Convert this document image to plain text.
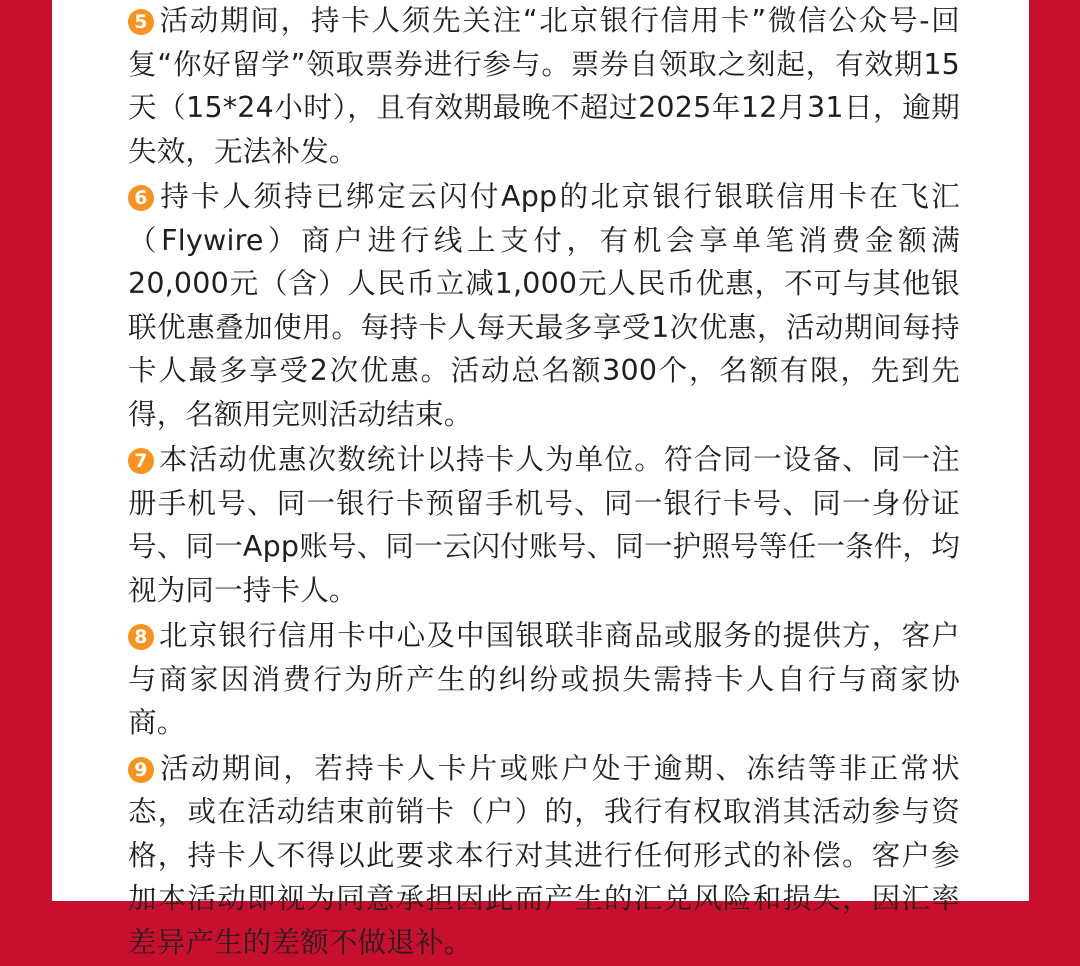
5 活动期间，持卡人须先关注“北京银行信用卡”微信公众号-回复“你好留学”领取票券进行参与。票券自领取之刻起，有效期15天（15*24小时），且有效期最晚不超过2025年12月31日，逾期失效，无法补发。

6 持卡人须持已绑定云闪付App的北京银行银联信用卡在飞汇（Flywire）商户进行线上支付，有机会享单笔消费金额满20,000元（含）人民币立减1,000元人民币优惠，不可与其他银联优惠叠加使用。每持卡人每天最多享受1次优惠，活动期间每持卡人最多享受2次优惠。活动总名额300个，名额有限，先到先得，名额用完则活动结束。

7 本活动优惠次数统计以持卡人为单位。符合同一设备、同一注册手机号、同一银行卡预留手机号、同一银行卡号、同一身份证号、同一App账号、同一云闪付账号、同一护照号等任一条件，均视为同一持卡人。

8 北京银行信用卡中心及中国银联非商品或服务的提供方，客户与商家因消费行为所产生的纠纷或损失需持卡人自行与商家协商。

9 活动期间，若持卡人卡片或账户处于逾期、冻结等非正常状态，或在活动结束前销卡（户）的，我行有权取消其活动参与资格，持卡人不得以此要求本行对其进行任何形式的补偿。客户参加本活动即视为同意承担因此而产生的汇兑风险和损失，因汇率差异产生的差额不做退补。
